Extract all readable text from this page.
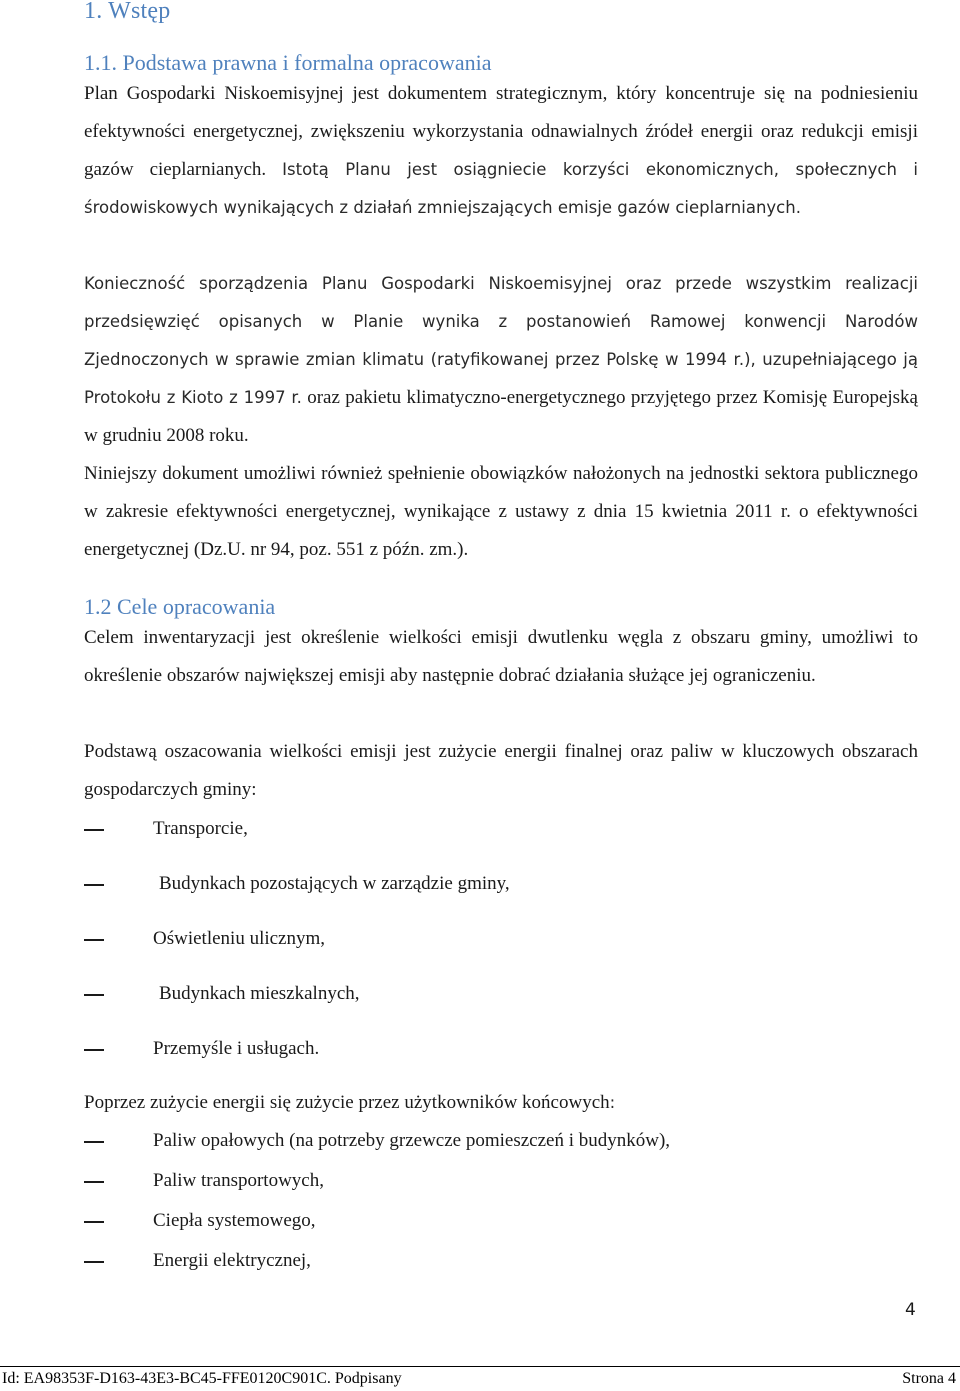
1. Wstęp
1.1. Podstawa prawna i formalna opracowania

Plan Gospodarki Niskoemisyjnej jest dokumentem strategicznym, który koncentruje się na podniesieniu efektywności energetycznej, zwiększeniu wykorzystania odnawialnych źródeł energii oraz redukcji emisji gazów cieplarnianych. Istotą Planu jest osiągniecie korzyści ekonomicznych, społecznych i środowiskowych wynikających z działań zmniejszających emisje gazów cieplarnianych.

Konieczność sporządzenia Planu Gospodarki Niskoemisyjnej oraz przede wszystkim realizacji przedsięwzięć opisanych w Planie wynika z postanowień Ramowej konwencji Narodów Zjednoczonych w sprawie zmian klimatu (ratyfikowanej przez Polskę w 1994 r.), uzupełniającego ją Protokołu z Kioto z 1997 r. oraz pakietu klimatyczno-energetycznego przyjętego przez Komisję Europejską w grudniu 2008 roku.

Niniejszy dokument umożliwi również spełnienie obowiązków nałożonych na jednostki sektora publicznego w zakresie efektywności energetycznej, wynikające z ustawy z dnia 15 kwietnia 2011 r. o efektywności energetycznej (Dz.U. nr 94, poz. 551 z późn. zm.).

1.2 Cele opracowania

Celem inwentaryzacji jest określenie wielkości emisji dwutlenku węgla z obszaru gminy, umożliwi to określenie obszarów największej emisji aby następnie dobrać działania służące jej ograniczeniu.

Podstawą oszacowania wielkości emisji jest zużycie energii finalnej oraz paliw w kluczowych obszarach gospodarczych gminy:

Transporcie,
Budynkach pozostających w zarządzie gminy,
Oświetleniu ulicznym,
Budynkach mieszkalnych,
Przemyśle i usługach.

Poprzez zużycie energii się zużycie przez użytkowników końcowych:

Paliw opałowych (na potrzeby grzewcze pomieszczeń i budynków),
Paliw transportowych,
Ciepła systemowego,
Energii elektrycznej,
4
Id: EA98353F-D163-43E3-BC45-FFE0120C901C. Podpisany	Strona 4
